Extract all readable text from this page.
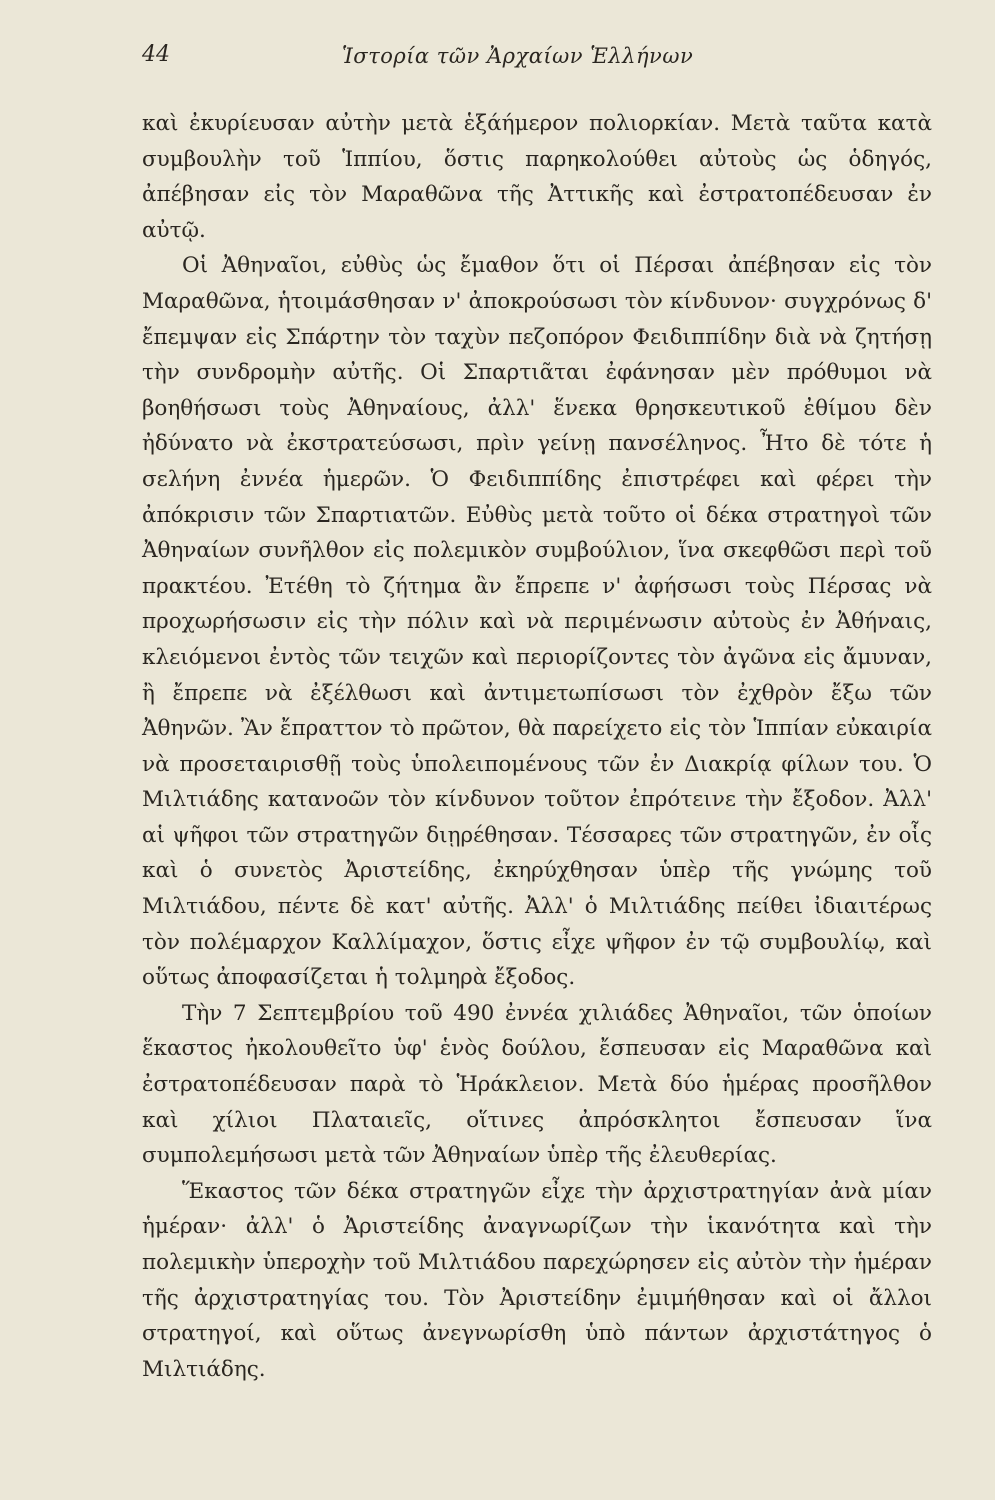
44	Ἱστορία τῶν Ἀρχαίων Ἑλλήνων

καὶ ἐκυρίευσαν αὐτὴν μετὰ ἑξάήμερον πολιορκίαν. Μετὰ ταῦτα κατὰ συμβουλὴν τοῦ Ἱππίου, ὅστις παρηκολούθει αὐτοὺς ὡς ὁδηγός, ἀπέβησαν εἰς τὸν Μαραθῶνα τῆς Ἀττικῆς καὶ ἐστρατοπέδευσαν ἐν αὐτῷ.

Οἱ Ἀθηναῖοι, εὐθὺς ὡς ἔμαθον ὅτι οἱ Πέρσαι ἀπέβησαν εἰς τὸν Μαραθῶνα, ἡτοιμάσθησαν ν' ἀποκρούσωσι τὸν κίνδυνον· συγχρόνως δ' ἔπεμψαν εἰς Σπάρτην τὸν ταχὺν πεζοπόρον Φειδιππίδην διὰ νὰ ζητήσῃ τὴν συνδρομὴν αὐτῆς. Οἱ Σπαρτιᾶται ἐφάνησαν μὲν πρόθυμοι νὰ βοηθήσωσι τοὺς Ἀθηναίους, ἀλλ' ἕνεκα θρησκευτικοῦ ἐθίμου δὲν ἠδύνατο νὰ ἐκστρατεύσωσι, πρὶν γείνῃ πανσέληνος. Ἦτο δὲ τότε ἡ σελήνη ἐννέα ἡμερῶν. Ὁ Φειδιππίδης ἐπιστρέφει καὶ φέρει τὴν ἀπόκρισιν τῶν Σπαρτιατῶν. Εὐθὺς μετὰ τοῦτο οἱ δέκα στρατηγοὶ τῶν Ἀθηναίων συνῆλθον εἰς πολεμικὸν συμβούλιον, ἵνα σκεφθῶσι περὶ τοῦ πρακτέου. Ἐτέθη τὸ ζήτημα ἂν ἔπρεπε ν' ἀφήσωσι τοὺς Πέρσας νὰ προχωρήσωσιν εἰς τὴν πόλιν καὶ νὰ περιμένωσιν αὐτοὺς ἐν Ἀθήναις, κλειόμενοι ἐντὸς τῶν τειχῶν καὶ περιορίζοντες τὸν ἀγῶνα εἰς ἄμυναν, ἢ ἔπρεπε νὰ ἐξέλθωσι καὶ ἀντιμετωπίσωσι τὸν ἐχθρὸν ἔξω τῶν Ἀθηνῶν. Ἂν ἔπραττον τὸ πρῶτον, θὰ παρείχετο εἰς τὸν Ἱππίαν εὐκαιρία νὰ προσεταιρισθῇ τοὺς ὑπολειπομένους τῶν ἐν Διακρίᾳ φίλων του. Ὁ Μιλτιάδης κατανοῶν τὸν κίνδυνον τοῦτον ἐπρότεινε τὴν ἔξοδον. Ἀλλ' αἱ ψῆφοι τῶν στρατηγῶν διῃρέθησαν. Τέσσαρες τῶν στρατηγῶν, ἐν οἷς καὶ ὁ συνετὸς Ἀριστείδης, ἐκηρύχθησαν ὑπὲρ τῆς γνώμης τοῦ Μιλτιάδου, πέντε δὲ κατ' αὐτῆς. Ἀλλ' ὁ Μιλτιάδης πείθει ἰδιαιτέρως τὸν πολέμαρχον Καλλίμαχον, ὅστις εἶχε ψῆφον ἐν τῷ συμβουλίῳ, καὶ οὕτως ἀποφασίζεται ἡ τολμηρὰ ἔξοδος.

Τὴν 7 Σεπτεμβρίου τοῦ 490 ἐννέα χιλιάδες Ἀθηναῖοι, τῶν ὁποίων ἕκαστος ἠκολουθεῖτο ὑφ' ἑνὸς δούλου, ἔσπευσαν εἰς Μαραθῶνα καὶ ἐστρατοπέδευσαν παρὰ τὸ Ἡράκλειον. Μετὰ δύο ἡμέρας προσῆλθον καὶ χίλιοι Πλαταιεῖς, οἵτινες ἀπρόσκλητοι ἔσπευσαν ἵνα συμπολεμήσωσι μετὰ τῶν Ἀθηναίων ὑπὲρ τῆς ἐλευθερίας.

Ἕκαστος τῶν δέκα στρατηγῶν εἶχε τὴν ἀρχιστρατηγίαν ἀνὰ μίαν ἡμέραν· ἀλλ' ὁ Ἀριστείδης ἀναγνωρίζων τὴν ἱκανότητα καὶ τὴν πολεμικὴν ὑπεροχὴν τοῦ Μιλτιάδου παρεχώρησεν εἰς αὐτὸν τὴν ἡμέραν τῆς ἀρχιστρατηγίας του. Τὸν Ἀριστείδην ἐμιμήθησαν καὶ οἱ ἄλλοι στρατηγοί, καὶ οὕτως ἀνεγνωρίσθη ὑπὸ πάντων ἀρχιστάτηγος ὁ Μιλτιάδης.
